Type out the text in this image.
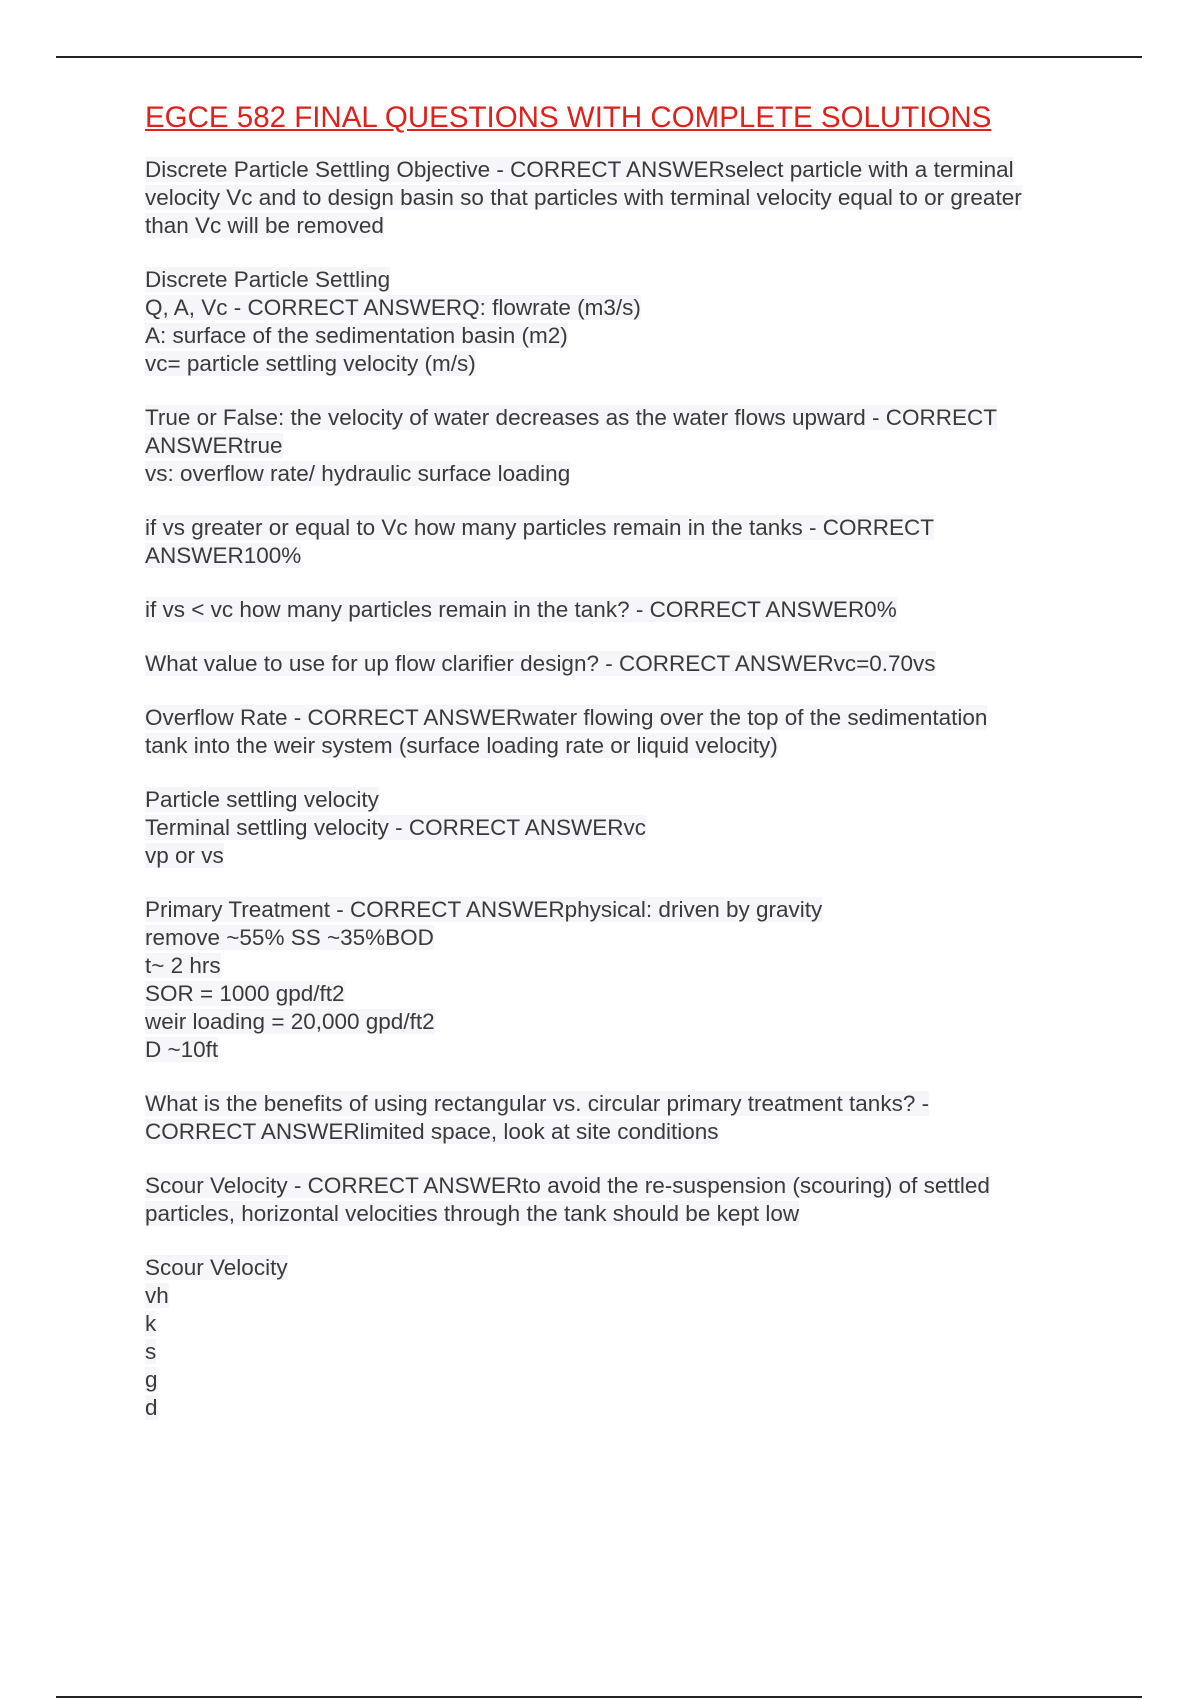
EGCE 582 FINAL QUESTIONS WITH COMPLETE SOLUTIONS
Discrete Particle Settling Objective - CORRECT ANSWERselect particle with a terminal
velocity Vc and to design basin so that particles with terminal velocity equal to or greater
than Vc will be removed
Discrete Particle Settling
Q, A, Vc - CORRECT ANSWERQ: flowrate (m3/s)
A: surface of the sedimentation basin (m2)
vc= particle settling velocity (m/s)
True or False: the velocity of water decreases as the water flows upward - CORRECT
ANSWERtrue
vs: overflow rate/ hydraulic surface loading
if vs greater or equal to Vc how many particles remain in the tanks - CORRECT
ANSWER100%
if vs < vc how many particles remain in the tank? - CORRECT ANSWER0%
What value to use for up flow clarifier design? - CORRECT ANSWERvc=0.70vs
Overflow Rate - CORRECT ANSWERwater flowing over the top of the sedimentation
tank into the weir system (surface loading rate or liquid velocity)
Particle settling velocity
Terminal settling velocity - CORRECT ANSWERvc
vp or vs
Primary Treatment - CORRECT ANSWERphysical: driven by gravity
remove ~55% SS ~35%BOD
t~ 2 hrs
SOR = 1000 gpd/ft2
weir loading = 20,000 gpd/ft2
D ~10ft
What is the benefits of using rectangular vs. circular primary treatment tanks? -
CORRECT ANSWERlimited space, look at site conditions
Scour Velocity - CORRECT ANSWERto avoid the re-suspension (scouring) of settled
particles, horizontal velocities through the tank should be kept low
Scour Velocity
vh
k
s
g
d
